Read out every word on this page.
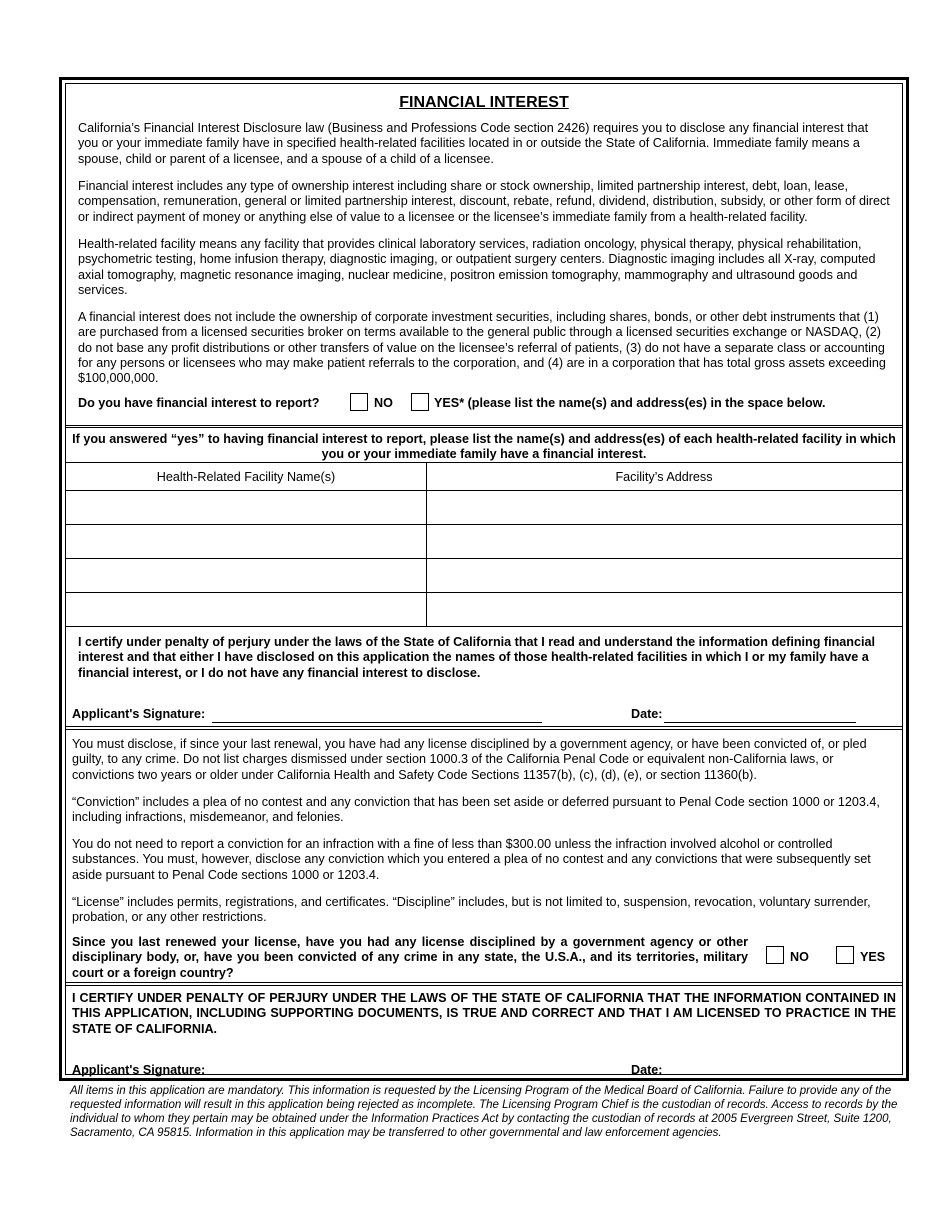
FINANCIAL INTEREST
California’s Financial Interest Disclosure law (Business and Professions Code section 2426) requires you to disclose any financial interest that you or your immediate family have in specified health-related facilities located in or outside the State of California. Immediate family means a spouse, child or parent of a licensee, and a spouse of a child of a licensee.
Financial interest includes any type of ownership interest including share or stock ownership, limited partnership interest, debt, loan, lease, compensation, remuneration, general or limited partnership interest, discount, rebate, refund, dividend, distribution, subsidy, or other form of direct or indirect payment of money or anything else of value to a licensee or the licensee’s immediate family from a health-related facility.
Health-related facility means any facility that provides clinical laboratory services, radiation oncology, physical therapy, physical rehabilitation, psychometric testing, home infusion therapy, diagnostic imaging, or outpatient surgery centers. Diagnostic imaging includes all X-ray, computed axial tomography, magnetic resonance imaging, nuclear medicine, positron emission tomography, mammography and ultrasound goods and services.
A financial interest does not include the ownership of corporate investment securities, including shares, bonds, or other debt instruments that (1) are purchased from a licensed securities broker on terms available to the general public through a licensed securities exchange or NASDAQ, (2) do not base any profit distributions or other transfers of value on the licensee’s referral of patients, (3) do not have a separate class or accounting for any persons or licensees who may make patient referrals to the corporation, and (4) are in a corporation that has total gross assets exceeding $100,000,000.
Do you have financial interest to report?	NO	YES* (please list the name(s) and address(es) in the space below.
If you answered “yes” to having financial interest to report, please list the name(s) and address(es) of each health-related facility in which you or your immediate family have a financial interest.
Health-Related Facility Name(s)	Facility’s Address
I certify under penalty of perjury under the laws of the State of California that I read and understand the information defining financial interest and that either I have disclosed on this application the names of those health-related facilities in which I or my family have a financial interest, or I do not have any financial interest to disclose.
Applicant's Signature:	Date:
You must disclose, if since your last renewal, you have had any license disciplined by a government agency, or have been convicted of, or pled guilty, to any crime. Do not list charges dismissed under section 1000.3 of the California Penal Code or equivalent non-California laws, or convictions two years or older under California Health and Safety Code Sections 11357(b), (c), (d), (e), or section 11360(b).
“Conviction” includes a plea of no contest and any conviction that has been set aside or deferred pursuant to Penal Code section 1000 or 1203.4, including infractions, misdemeanor, and felonies.
You do not need to report a conviction for an infraction with a fine of less than $300.00 unless the infraction involved alcohol or controlled substances. You must, however, disclose any conviction which you entered a plea of no contest and any convictions that were subsequently set aside pursuant to Penal Code sections 1000 or 1203.4.
“License” includes permits, registrations, and certificates. “Discipline” includes, but is not limited to, suspension, revocation, voluntary surrender, probation, or any other restrictions.
Since you last renewed your license, have you had any license disciplined by a government agency or other disciplinary body, or, have you been convicted of any crime in any state, the U.S.A., and its territories, military court or a foreign country?
NO	YES
I CERTIFY UNDER PENALTY OF PERJURY UNDER THE LAWS OF THE STATE OF CALIFORNIA THAT THE INFORMATION CONTAINED IN THIS APPLICATION, INCLUDING SUPPORTING DOCUMENTS, IS TRUE AND CORRECT AND THAT I AM LICENSED TO PRACTICE IN THE STATE OF CALIFORNIA.
Applicant's Signature:	Date:
All items in this application are mandatory. This information is requested by the Licensing Program of the Medical Board of California. Failure to provide any of the requested information will result in this application being rejected as incomplete. The Licensing Program Chief is the custodian of records. Access to records by the individual to whom they pertain may be obtained under the Information Practices Act by contacting the custodian of records at 2005 Evergreen Street, Suite 1200, Sacramento, CA 95815. Information in this application may be transferred to other governmental and law enforcement agencies.
